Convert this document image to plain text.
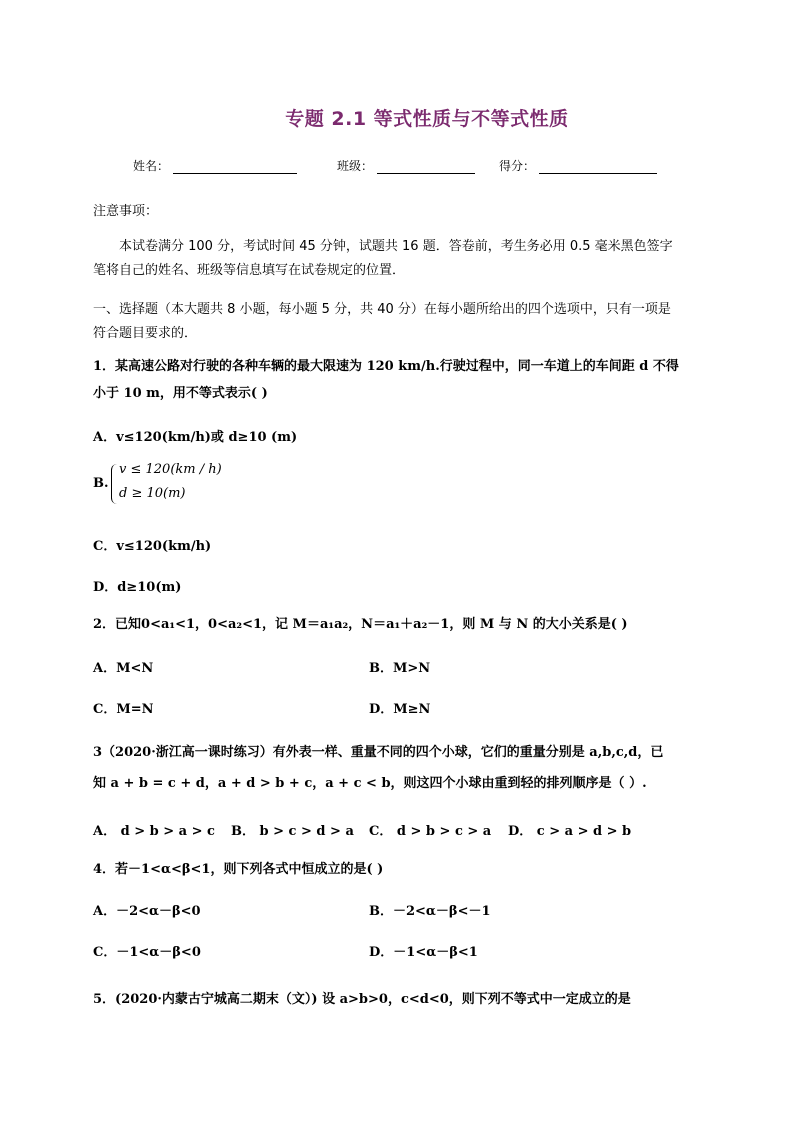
专题 2.1 等式性质与不等式性质
姓名：	班级：	得分：
注意事项：
本试卷满分 100 分，考试时间 45 分钟，试题共 16 题．答卷前，考生务必用 0.5 毫米黑色签字
笔将自己的姓名、班级等信息填写在试卷规定的位置．
一、选择题（本大题共 8 小题，每小题 5 分，共 40 分）在每小题所给出的四个选项中，只有一项是
符合题目要求的．
1．某高速公路对行驶的各种车辆的最大限速为 120 km/h.行驶过程中，同一车道上的车间距 d 不得
小于 10 m，用不等式表示( )
A．v≤120(km/h)或 d≥10 (m)
B.
v ≤ 120(km / h)
d ≥ 10(m)
C．v≤120(km/h)
D．d≥10(m)
2．已知0<a₁<1，0<a₂<1，记 M＝a₁a₂，N＝a₁＋a₂－1，则 M 与 N 的大小关系是( )
A．M<N	B．M>N
C．M=N	D．M≥N
3（2020·浙江高一课时练习）有外表一样、重量不同的四个小球，它们的重量分别是 a,b,c,d，已
知 a + b = c + d，a + d > b + c，a + c < b，则这四个小球由重到轻的排列顺序是（ ）.
A． d > b > a > c B． b > c > d > a C． d > b > c > a D． c > a > d > b
4．若－1<α<β<1，则下列各式中恒成立的是( )
A．－2<α－β<0	B．－2<α－β<－1
C．－1<α－β<0	D．－1<α－β<1
5．(2020·内蒙古宁城高二期末（文）) 设 a>b>0，c<d<0，则下列不等式中一定成立的是
